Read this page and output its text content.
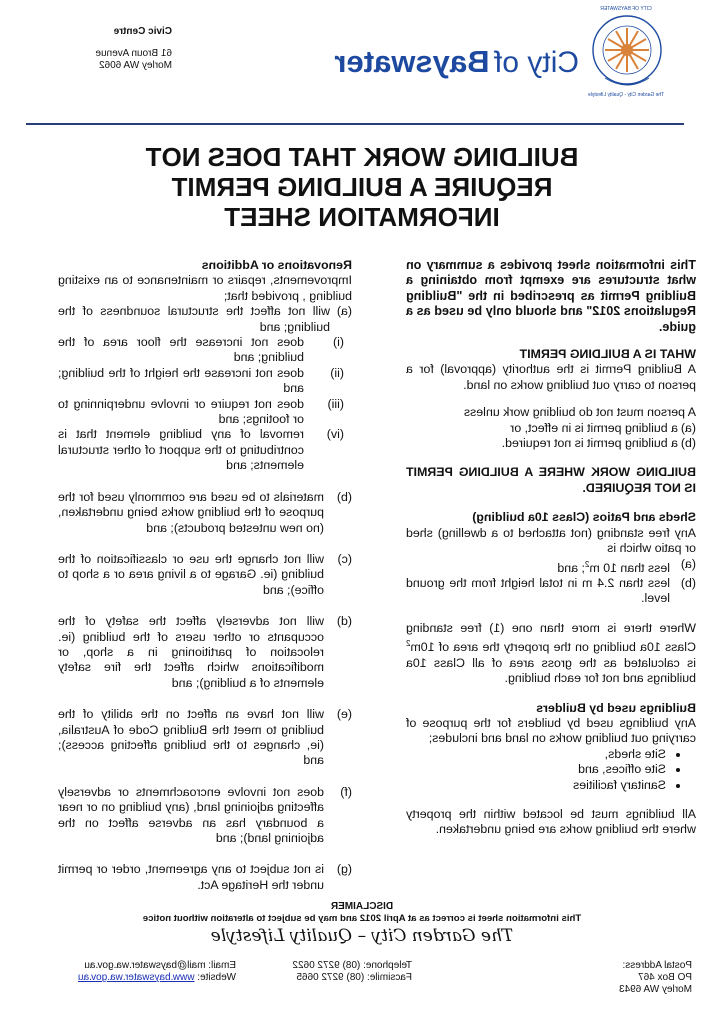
CITY OF BAYSWATER
The Garden City - Quality Lifestyle
City of Bayswater
Civic Centre
61 Broun Avenue
Morley WA 6062
BUILDING WORK THAT DOES NOT
REQUIRE A BUILDING PERMIT
INFORMATION SHEET
This information sheet provides a summary on what structures are exempt from obtaining a Building Permit as prescribed in the "Building Regulations 2012" and should only be used as a guide.
WHAT IS A BUILDING PERMIT
A Building Permit is the authority (approval) for a person to carry out building works on land.
A person must not do building work unless
(a)
a building permit is in effect, or
(b)
a building permit is not required.
BUILDING WORK WHERE A BUILDING PERMIT IS NOT REQUIRED.
Sheds and Patios (Class 10a building)
Any free standing (not attached to a dwelling) shed or patio which is
(a)
less than 10 $m^2$; and
(b)
less than 2.4 m in total height from the ground level.
Where there is more than one (1) free standing Class 10a building on the property the area of $10m^2$ is calculated as the gross area of all Class 10a buildings and not for each building.
Buildings used by Builders
Any buildings used by builders for the purpose of carrying out building works on land and includes;
• Site sheds,
• Site offices, and
• Sanitary facilities
All buildings must be located within the property where the building works are being undertaken.
Renovations or Additions
Improvements, repairs or maintenance to an existing building , provided that;
(a)
will not affect the structural soundness of the building; and
(i)
does not increase the floor area of the building; and
(ii)
does not increase the height of the building; and
(iii)
does not require or involve underpinning to or footings; and
(iv)
removal of any building element that is contributing to the support of other structural elements; and
(b)
materials to be used are commonly used for the purpose of the building works being undertaken, (no new untested products); and
(c)
will not change the use or classification of the building (ie. Garage to a living area or a shop to office); and
(d)
will not adversely affect the safety of the occupants or other users of the building (ie. relocation of partitioning in a shop, or modifications which affect the fire safety elements of a building); and
(e)
will not have an affect on the ability of the building to meet the Building Code of Australia, (ie, changes to the building affecting access); and
(f)
does not involve encroachments or adversely affecting adjoining land, (any building on or near a boundary has an adverse affect on the adjoining land); and
(g)
is not subject to any agreement, order or permit under the Heritage Act.
DISCLAIMER
This information sheet is correct as at April 2012 and may be subject to alteration without notice
The Garden City – Quality Lifestyle
Postal Address:
PO Box 467
Morley WA 6943
Telephone: (08) 9272 0622
Facsimile: (08) 9272 0665
Email: mail@bayswater.wa.gov.au
Website: www.bayswater.wa.gov.au
